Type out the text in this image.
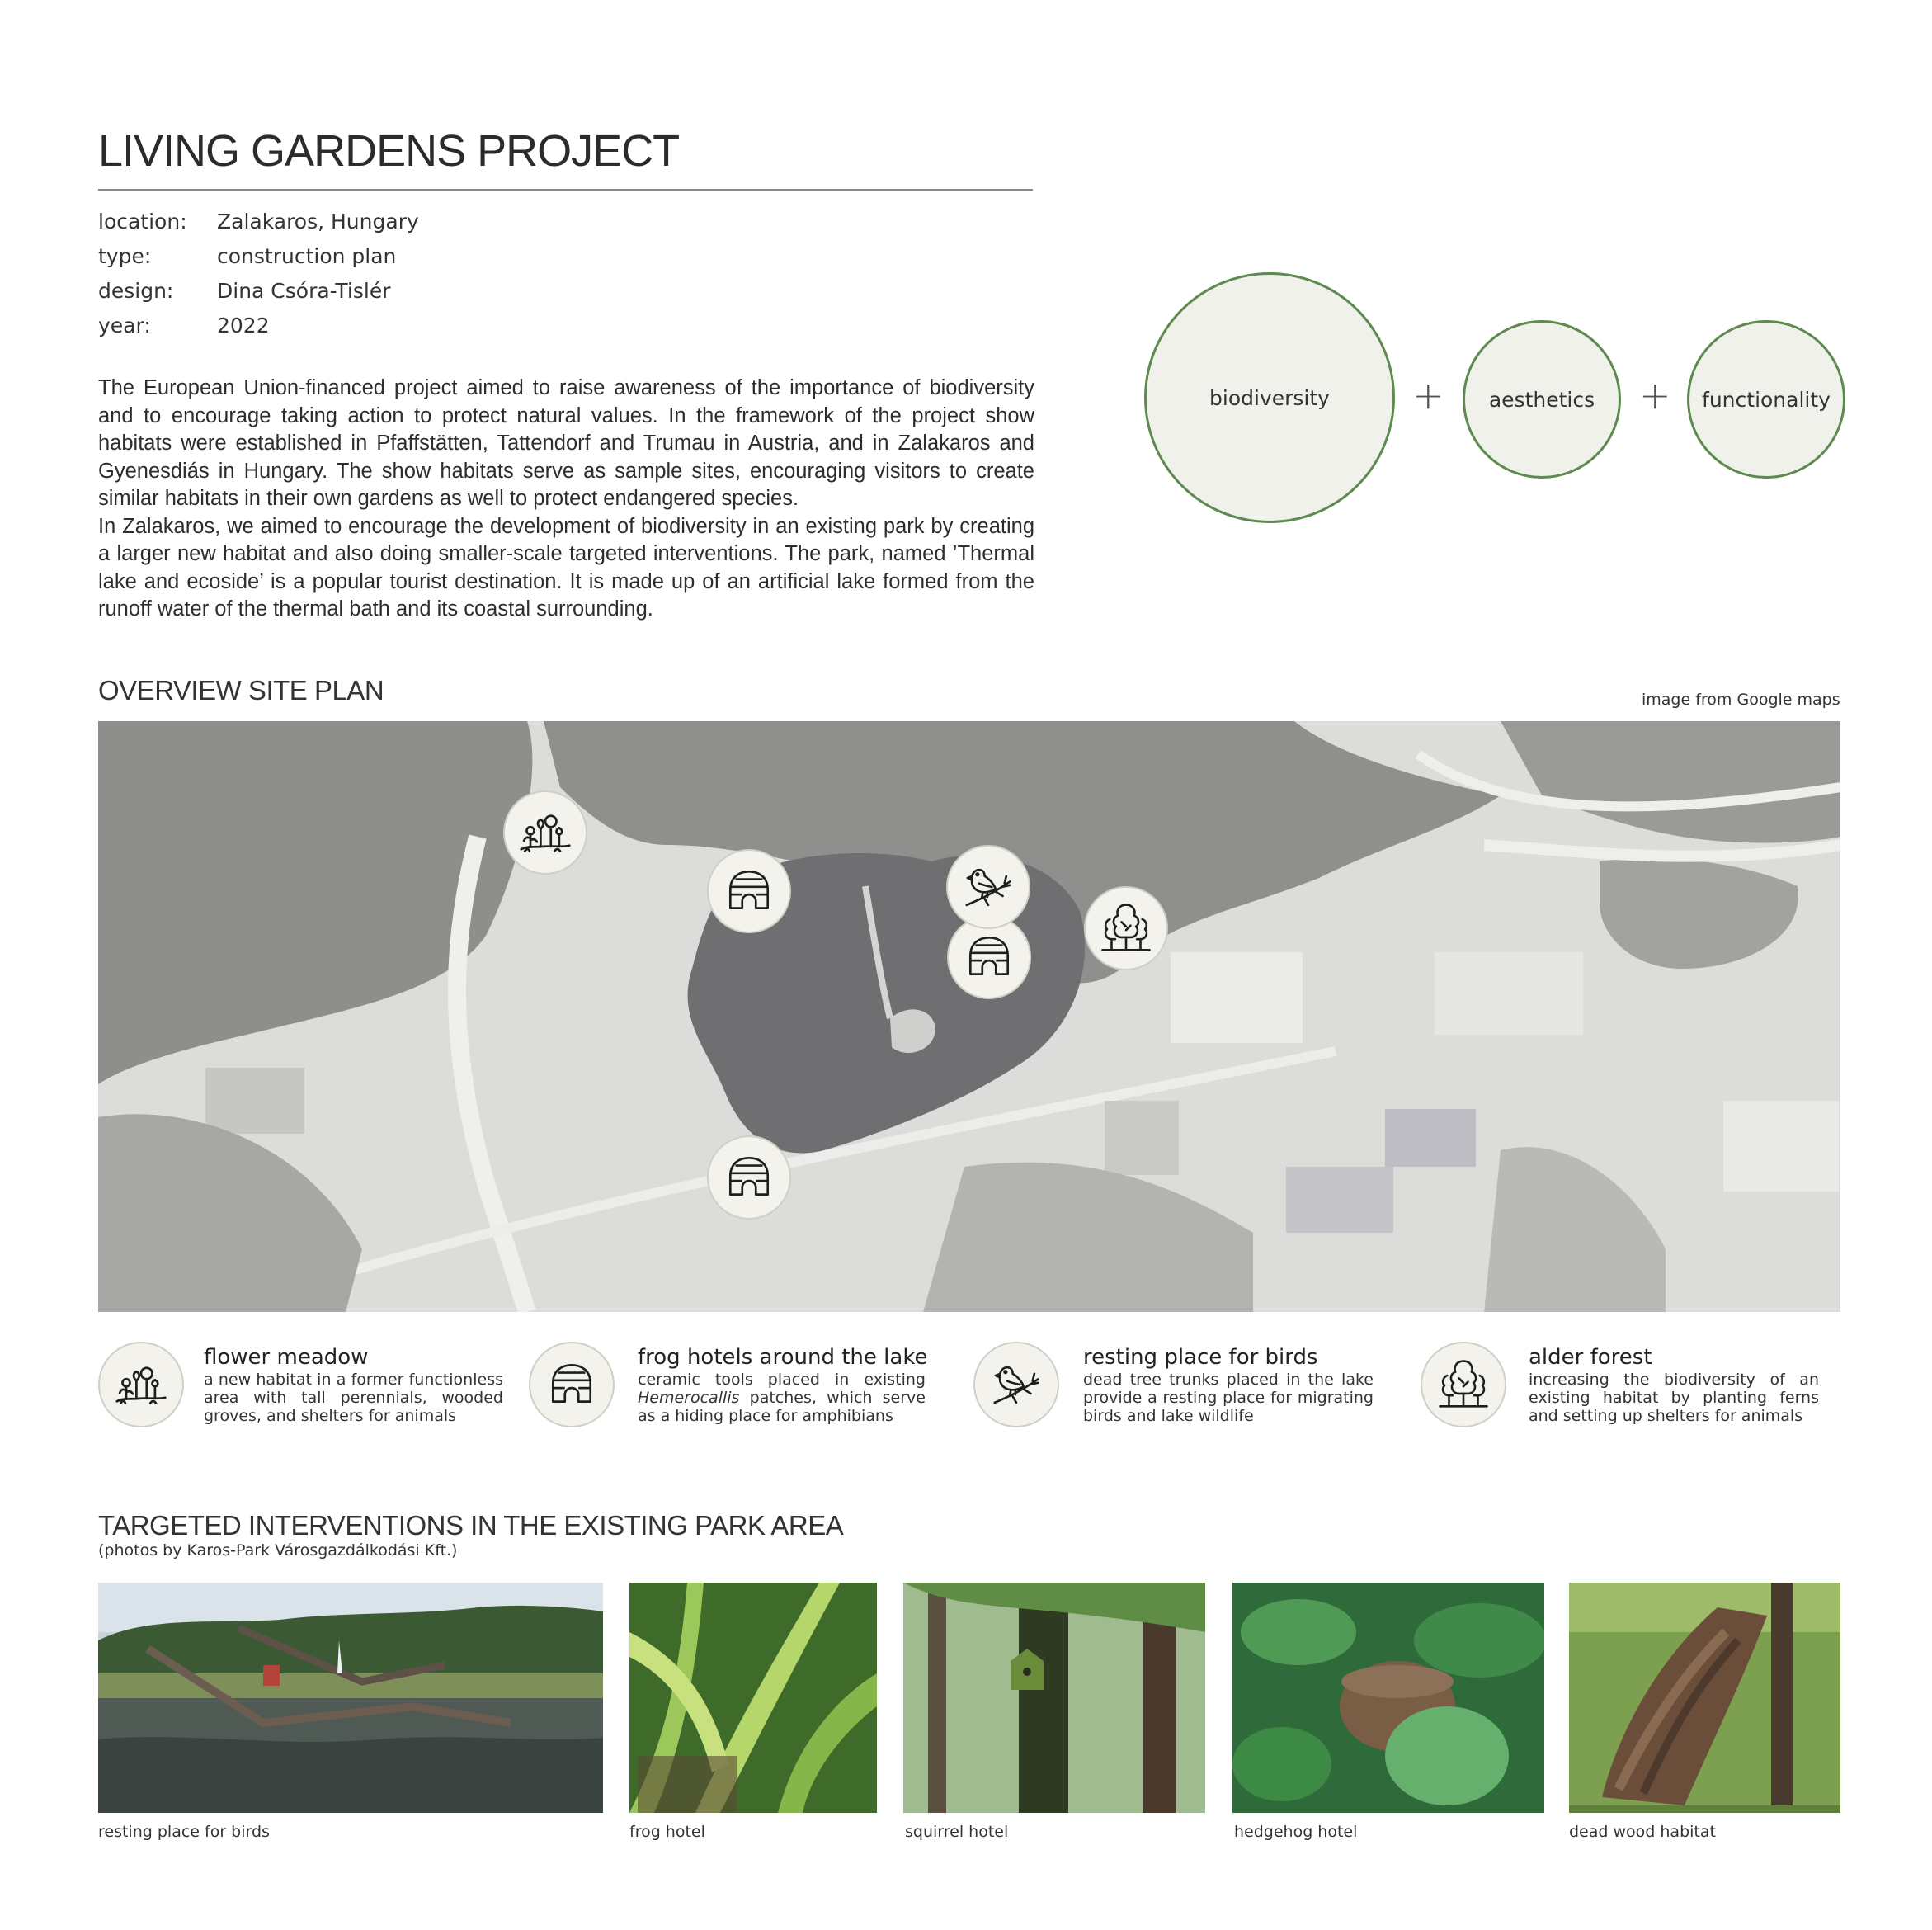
LIVING GARDENS PROJECT
location:	Zalakaros, Hungary
type:	construction plan
design:	Dina Csóra-Tislér
year:	2022

The European Union-financed project aimed to raise awareness of the importance of biodiversity and to encourage taking action to protect natural values. In the framework of the project show habitats were established in Pfaffstätten, Tattendorf and Trumau in Austria, and in Zalakaros and Gyenesdiás in Hungary. The show habitats serve as sample sites, encouraging visitors to create similar habitats in their own gardens as well to protect endangered species.

In Zalakaros, we aimed to encourage the development of biodiversity in an existing park by creating a larger new habitat and also doing smaller-scale targeted interventions. The park, named ’Thermal lake and ecoside’ is a popular tourist destination. It is made up of an artificial lake formed from the runoff water of the thermal bath and its coastal surrounding.

biodiversity + aesthetics + functionality
OVERVIEW SITE PLAN	image from Google maps
flower meadow
a new habitat in a former functionless area with tall perennials, wooded groves, and shelters for animals
frog hotels around the lake
ceramic tools placed in existing Hemerocallis patches, which serve as a hiding place for amphibians
resting place for birds
dead tree trunks placed in the lake provide a resting place for migrating birds and lake wildlife
alder forest
increasing the biodiversity of an existing habitat by planting ferns and setting up shelters for animals
TARGETED INTERVENTIONS IN THE EXISTING PARK AREA
(photos by Karos-Park Városgazdálkodási Kft.)
resting place for birds	frog hotel	squirrel hotel	hedgehog hotel	dead wood habitat
